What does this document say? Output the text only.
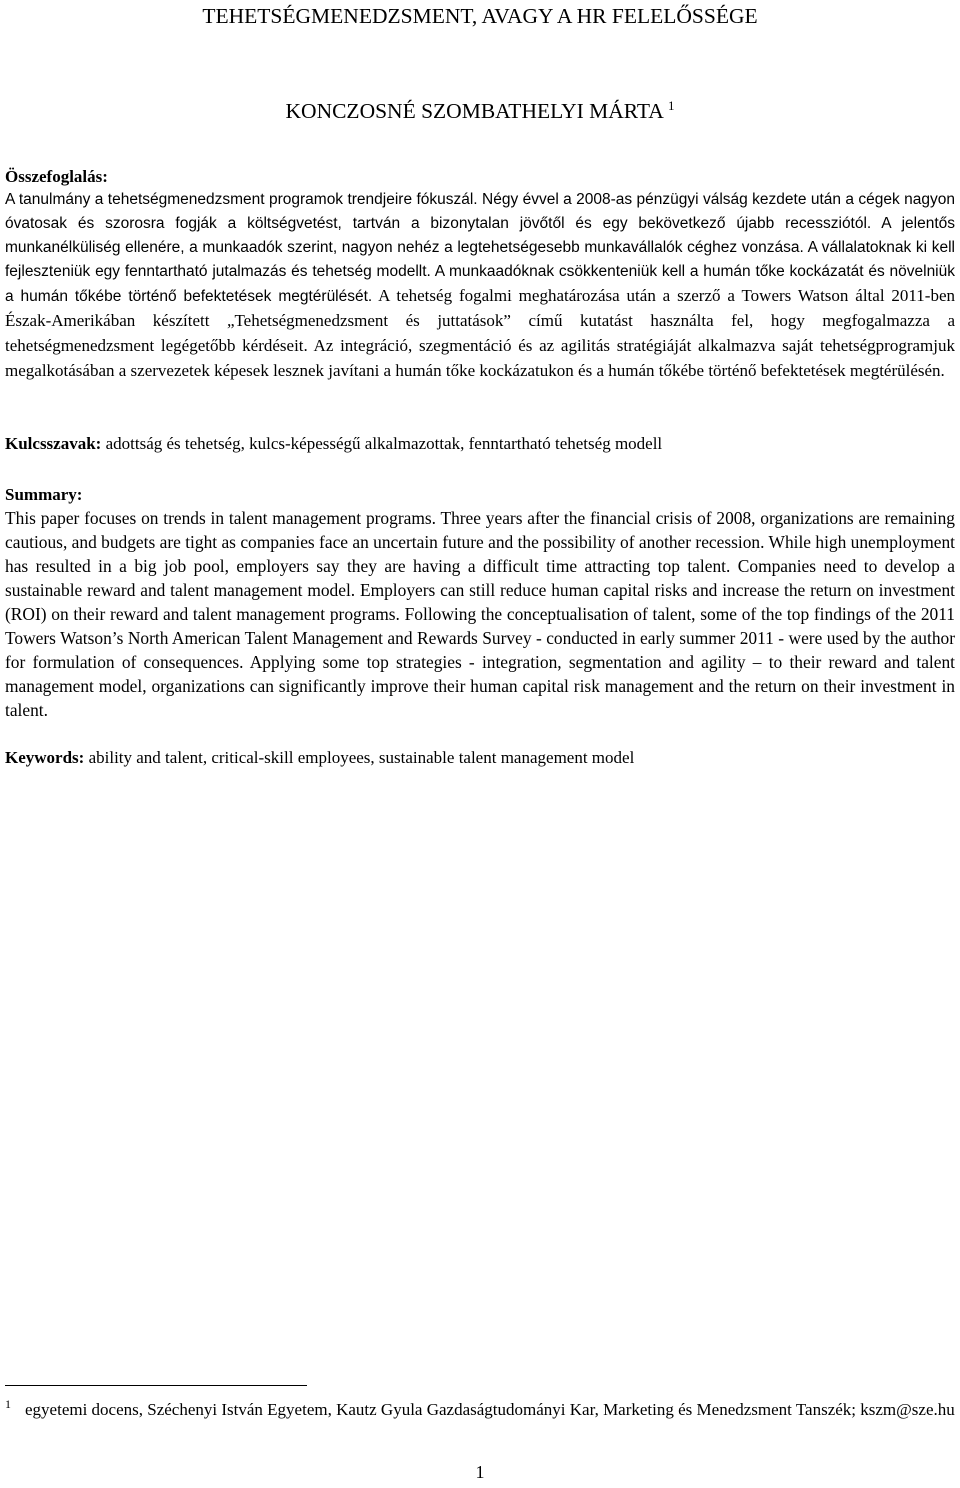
TEHETSÉGMENEDZSMENT, AVAGY A HR FELELŐSSÉGE

KONCZOSNÉ SZOMBATHELYI MÁRTA $^1$

Összefoglalás:

A tanulmány a tehetségmenedzsment programok trendjeire fókuszál. Négy évvel a 2008-as pénzügyi válság kezdete után a cégek nagyon óvatosak és szorosra fogják a költségvetést, tartván a bizonytalan jövőtől és egy bekövetkező újabb recessziótól. A jelentős munkanélküliség ellenére, a munkaadók szerint, nagyon nehéz a legtehetségesebb munkavállalók céghez vonzása. A vállalatoknak ki kell fejleszteniük egy fenntartható jutalmazás és tehetség modellt. A munkaadóknak csökkenteniük kell a humán tőke kockázatát és növelniük a humán tőkébe történő befektetések megtérülését. A tehetség fogalmi meghatározása után a szerző a Towers Watson által 2011-ben Észak-Amerikában készített „Tehetségmenedzsment és juttatások” című kutatást használta fel, hogy megfogalmazza a tehetségmenedzsment legégetőbb kérdéseit. Az integráció, szegmentáció és az agilitás stratégiáját alkalmazva saját tehetségprogramjuk megalkotásában a szervezetek képesek lesznek javítani a humán tőke kockázatukon és a humán tőkébe történő befektetések megtérülésén.

Kulcsszavak: adottság és tehetség, kulcs-képességű alkalmazottak, fenntartható tehetség modell

Summary:

This paper focuses on trends in talent management programs. Three years after the financial crisis of 2008, organizations are remaining cautious, and budgets are tight as companies face an uncertain future and the possibility of another recession. While high unemployment has resulted in a big job pool, employers say they are having a difficult time attracting top talent. Companies need to develop a sustainable reward and talent management model. Employers can still reduce human capital risks and increase the return on investment (ROI) on their reward and talent management programs. Following the conceptualisation of talent, some of the top findings of the 2011 Towers Watson’s North American Talent Management and Rewards Survey - conducted in early summer 2011 - were used by the author for formulation of consequences. Applying some top strategies - integration, segmentation and agility – to their reward and talent management model, organizations can significantly improve their human capital risk management and the return on their investment in talent.

Keywords: ability and talent, critical-skill employees, sustainable talent management model

$^1$ egyetemi docens, Széchenyi István Egyetem, Kautz Gyula Gazdaságtudományi Kar, Marketing és Menedzsment Tanszék; kszm@sze.hu

1
